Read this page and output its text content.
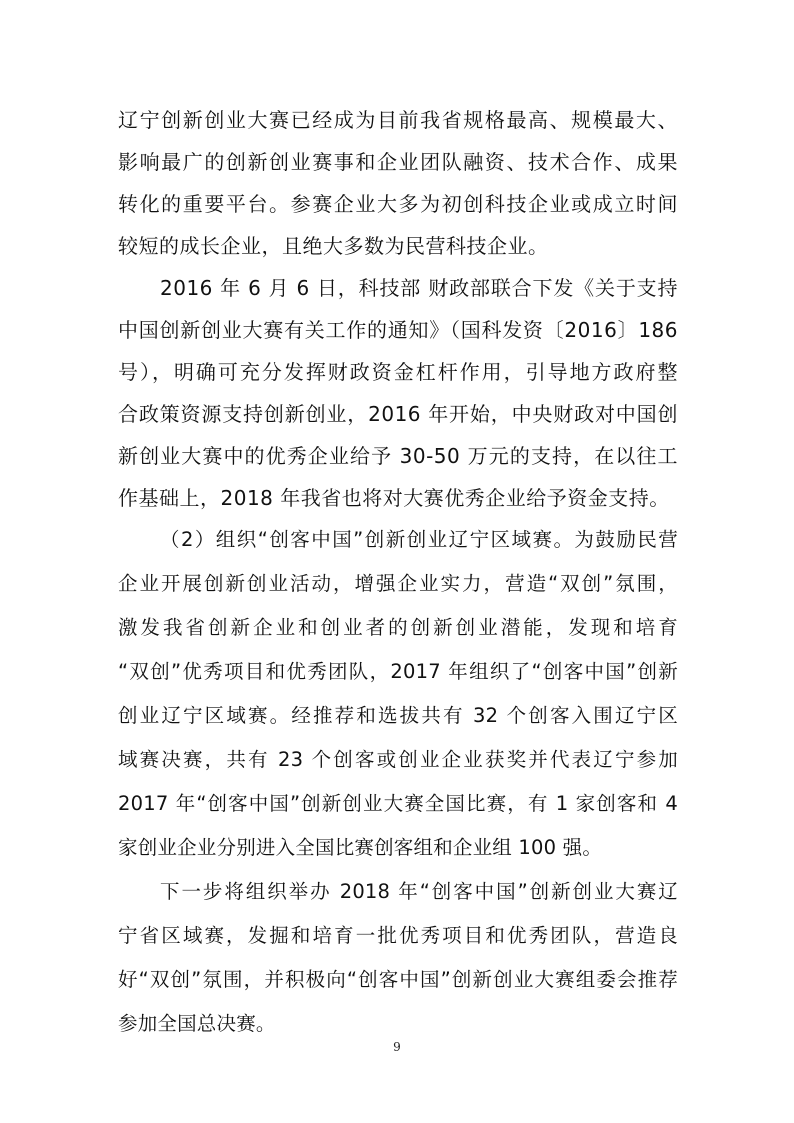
辽宁创新创业大赛已经成为目前我省规格最高、规模最大、
影响最广的创新创业赛事和企业团队融资、技术合作、成果
转化的重要平台。参赛企业大多为初创科技企业或成立时间
较短的成长企业，且绝大多数为民营科技企业。
2016 年 6 月 6 日，科技部 财政部联合下发《关于支持
中国创新创业大赛有关工作的通知》（国科发资〔2016〕186
号），明确可充分发挥财政资金杠杆作用，引导地方政府整
合政策资源支持创新创业，2016 年开始，中央财政对中国创
新创业大赛中的优秀企业给予 30-50 万元的支持，在以往工
作基础上，2018 年我省也将对大赛优秀企业给予资金支持。
（2）组织“创客中国”创新创业辽宁区域赛。为鼓励民营
企业开展创新创业活动，增强企业实力，营造“双创”氛围，
激发我省创新企业和创业者的创新创业潜能，发现和培育
“双创”优秀项目和优秀团队，2017 年组织了“创客中国”创新
创业辽宁区域赛。经推荐和选拔共有 32 个创客入围辽宁区
域赛决赛，共有 23 个创客或创业企业获奖并代表辽宁参加
2017 年“创客中国”创新创业大赛全国比赛，有 1 家创客和 4
家创业企业分别进入全国比赛创客组和企业组 100 强。
下一步将组织举办 2018 年“创客中国”创新创业大赛辽
宁省区域赛，发掘和培育一批优秀项目和优秀团队，营造良
好“双创”氛围，并积极向“创客中国”创新创业大赛组委会推荐
参加全国总决赛。
9
